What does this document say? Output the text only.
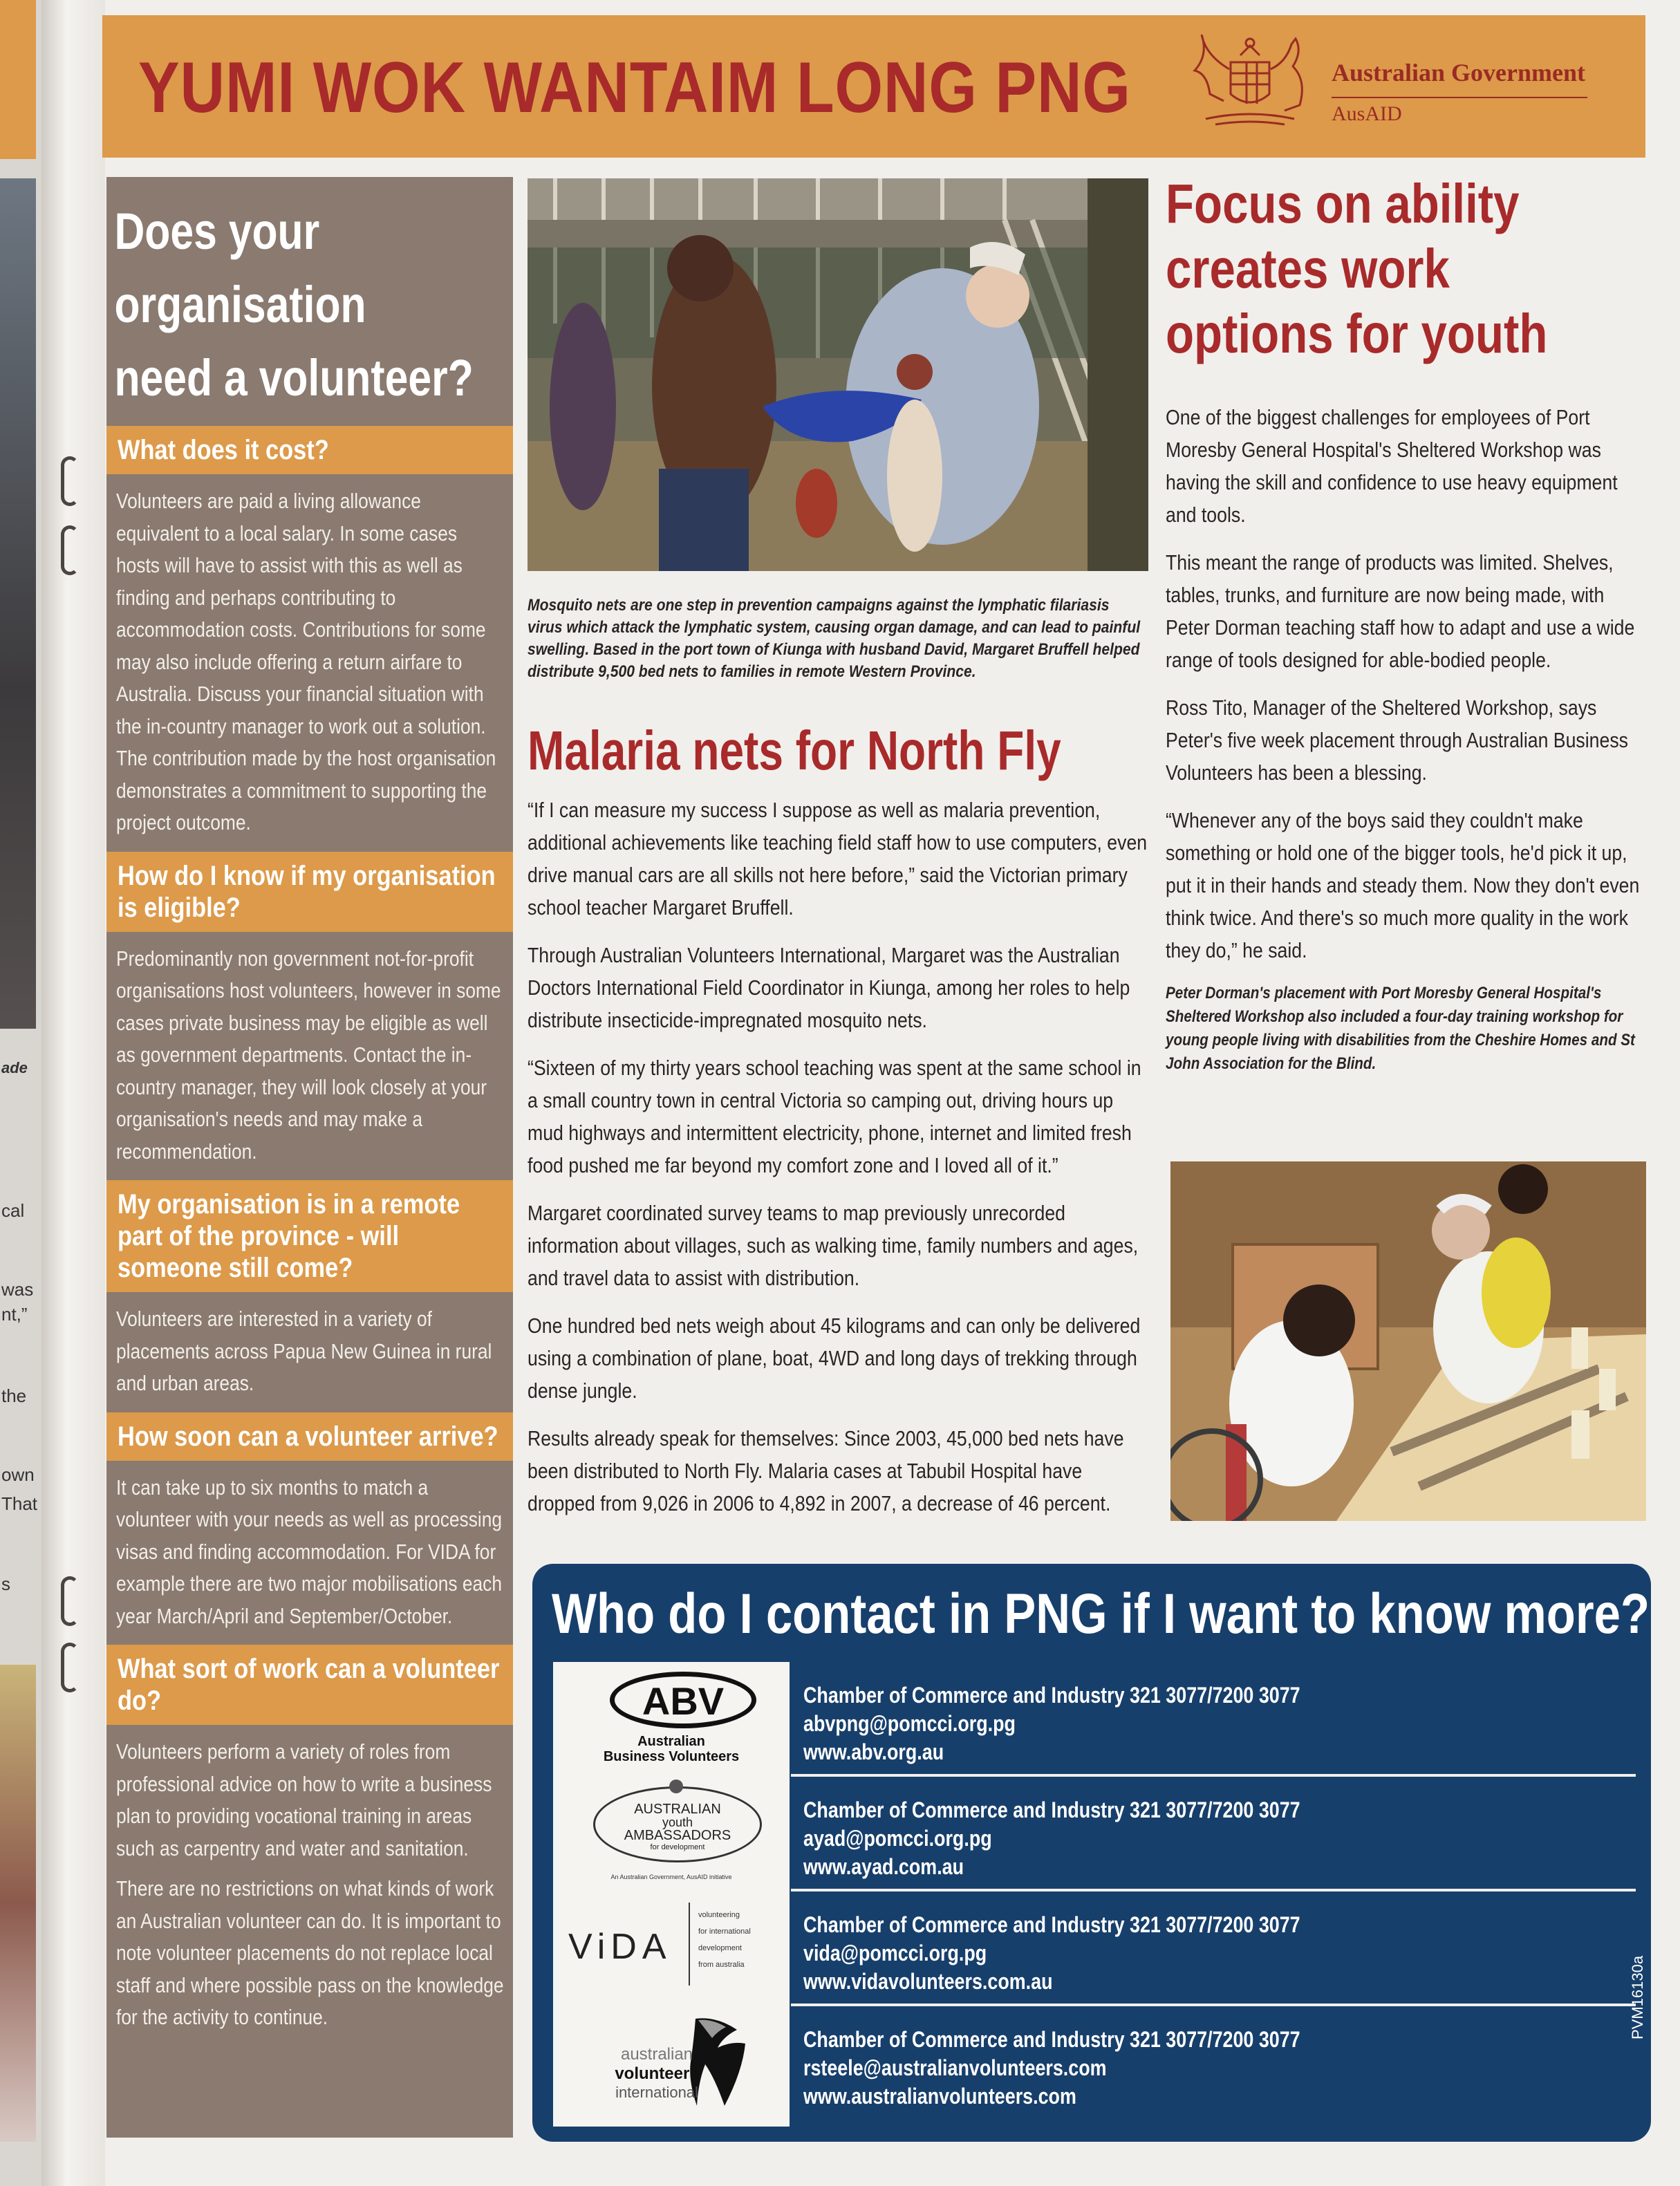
ade
cal
was
nt,”
the
own
That
s
YUMI WOK WANTAIM LONG PNG	Australian Government
AusAID
Does your
organisation
need a volunteer?
What does it cost?

Volunteers are paid a living allowance equivalent to a local salary. In some cases hosts will have to assist with this as well as finding and perhaps contributing to accommodation costs. Contributions for some may also include offering a return airfare to Australia. Discuss your financial situation with the in-country manager to work out a solution. The contribution made by the host organisation demonstrates a commitment to supporting the project outcome.

How do I know if my organisation is eligible?

Predominantly non government not-for-profit organisations host volunteers, however in some cases private business may be eligible as well as government departments. Contact the in-country manager, they will look closely at your organisation's needs and may make a recommendation.

My organisation is in a remote part of the province - will someone still come?

Volunteers are interested in a variety of placements across Papua New Guinea in rural and urban areas.

How soon can a volunteer arrive?

It can take up to six months to match a volunteer with your needs as well as processing visas and finding accommodation. For VIDA for example there are two major mobilisations each year March/April and September/October.

What sort of work can a volunteer do?

Volunteers perform a variety of roles from professional advice on how to write a business plan to providing vocational training in areas such as carpentry and water and sanitation.

There are no restrictions on what kinds of work an Australian volunteer can do. It is important to note volunteer placements do not replace local staff and where possible pass on the knowledge for the activity to continue.

Mosquito nets are one step in prevention campaigns against the lymphatic filariasis virus which attack the lymphatic system, causing organ damage, and can lead to painful swelling. Based in the port town of Kiunga with husband David, Margaret Bruffell helped distribute 9,500 bed nets to families in remote Western Province.

Malaria nets for North Fly

“If I can measure my success I suppose as well as malaria prevention, additional achievements like teaching field staff how to use computers, even drive manual cars are all skills not here before,” said the Victorian primary school teacher Margaret Bruffell.

Through Australian Volunteers International, Margaret was the Australian Doctors International Field Coordinator in Kiunga, among her roles to help distribute insecticide-impregnated mosquito nets.

“Sixteen of my thirty years school teaching was spent at the same school in a small country town in central Victoria so camping out, driving hours up mud highways and intermittent electricity, phone, internet and limited fresh food pushed me far beyond my comfort zone and I loved all of it.”

Margaret coordinated survey teams to map previously unrecorded information about villages, such as walking time, family numbers and ages, and travel data to assist with distribution.

One hundred bed nets weigh about 45 kilograms and can only be delivered using a combination of plane, boat, 4WD and long days of trekking through dense jungle.

Results already speak for themselves: Since 2003, 45,000 bed nets have been distributed to North Fly. Malaria cases at Tabubil Hospital have dropped from 9,026 in 2006 to 4,892 in 2007, a decrease of 46 percent.

Focus on ability creates work options for youth

One of the biggest challenges for employees of Port Moresby General Hospital's Sheltered Workshop was having the skill and confidence to use heavy equipment and tools.

This meant the range of products was limited. Shelves, tables, trunks, and furniture are now being made, with Peter Dorman teaching staff how to adapt and use a wide range of tools designed for able-bodied people.

Ross Tito, Manager of the Sheltered Workshop, says Peter's five week placement through Australian Business Volunteers has been a blessing.

“Whenever any of the boys said they couldn't make something or hold one of the bigger tools, he'd pick it up, put it in their hands and steady them. Now they don't even think twice. And there's so much more quality in the work they do,” he said.

Peter Dorman's placement with Port Moresby General Hospital's Sheltered Workshop also included a four-day training workshop for young people living with disabilities from the Cheshire Homes and St John Association for the Blind.

Who do I contact in PNG if I want to know more?
ABV
Australian
Business Volunteers
AUSTRALIAN
youth
AMBASSADORS
for development
An Australian Government, AusAID initiative
ViDA
volunteering
for international
development
from australia
australian
volunteers
international
Chamber of Commerce and Industry 321 3077/7200 3077
abvpng@pomcci.org.pg
www.abv.org.au
Chamber of Commerce and Industry 321 3077/7200 3077
ayad@pomcci.org.pg
www.ayad.com.au
Chamber of Commerce and Industry 321 3077/7200 3077
vida@pomcci.org.pg
www.vidavolunteers.com.au
Chamber of Commerce and Industry 321 3077/7200 3077
rsteele@australianvolunteers.com
www.australianvolunteers.com
PVM16130a
